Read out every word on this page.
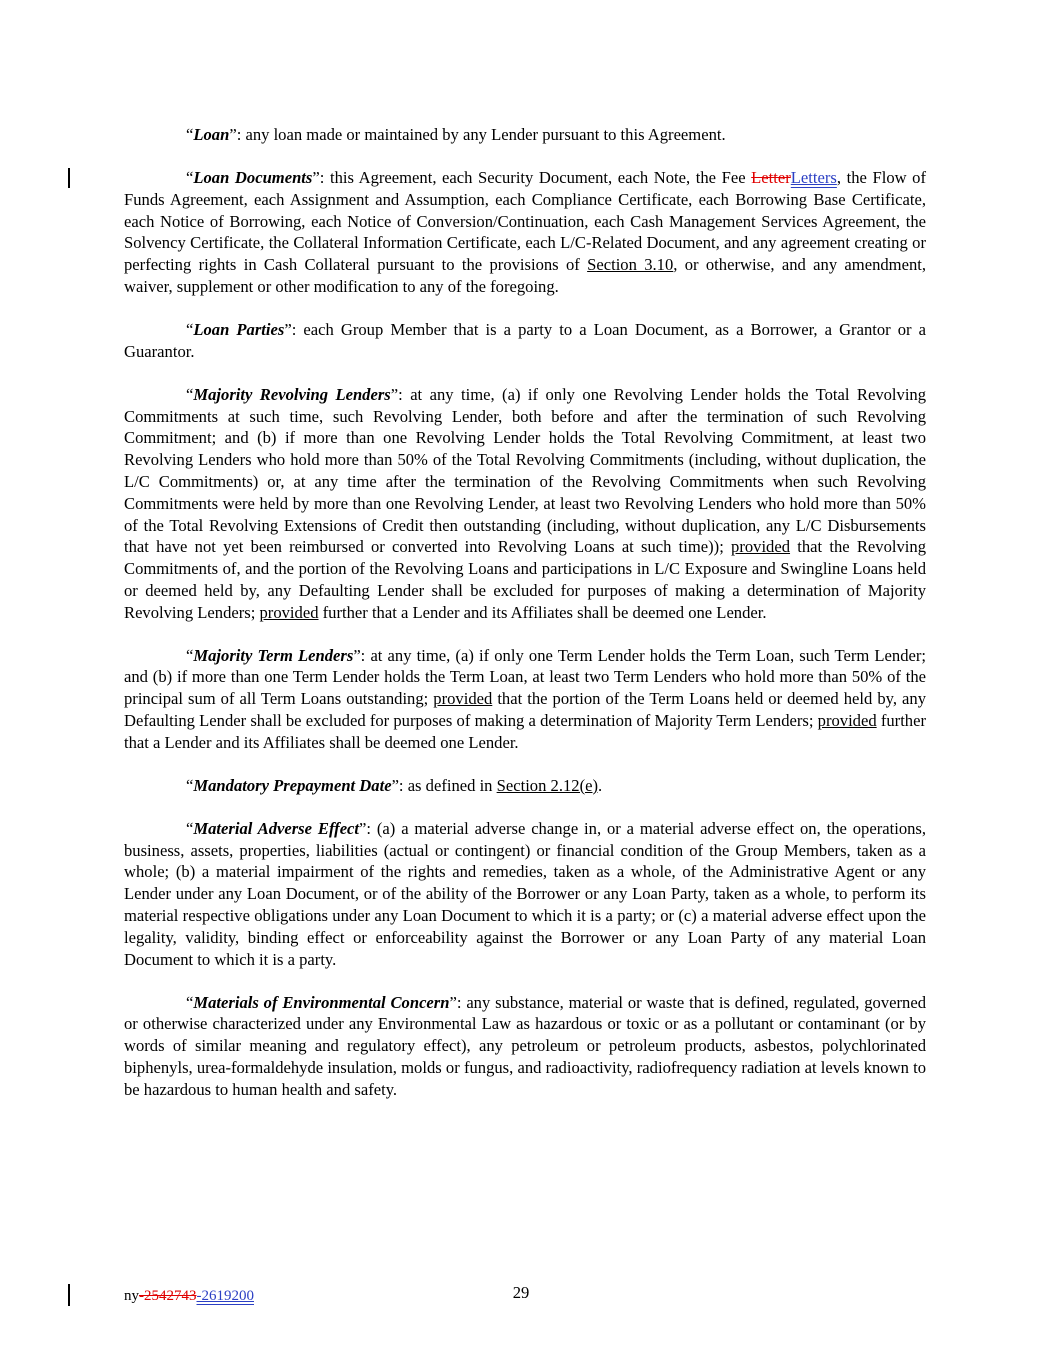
“Loan”: any loan made or maintained by any Lender pursuant to this Agreement.

“Loan Documents”: this Agreement, each Security Document, each Note, the Fee LetterLetters, the Flow of Funds Agreement, each Assignment and Assumption, each Compliance Certificate, each Borrowing Base Certificate, each Notice of Borrowing, each Notice of Conversion/Continuation, each Cash Management Services Agreement, the Solvency Certificate, the Collateral Information Certificate, each L/C-Related Document, and any agreement creating or perfecting rights in Cash Collateral pursuant to the provisions of Section 3.10, or otherwise, and any amendment, waiver, supplement or other modification to any of the foregoing.

“Loan Parties”: each Group Member that is a party to a Loan Document, as a Borrower, a Grantor or a Guarantor.

“Majority Revolving Lenders”: at any time, (a) if only one Revolving Lender holds the Total Revolving Commitments at such time, such Revolving Lender, both before and after the termination of such Revolving Commitment; and (b) if more than one Revolving Lender holds the Total Revolving Commitment, at least two Revolving Lenders who hold more than 50% of the Total Revolving Commitments (including, without duplication, the L/C Commitments) or, at any time after the termination of the Revolving Commitments when such Revolving Commitments were held by more than one Revolving Lender, at least two Revolving Lenders who hold more than 50% of the Total Revolving Extensions of Credit then outstanding (including, without duplication, any L/C Disbursements that have not yet been reimbursed or converted into Revolving Loans at such time)); provided that the Revolving Commitments of, and the portion of the Revolving Loans and participations in L/C Exposure and Swingline Loans held or deemed held by, any Defaulting Lender shall be excluded for purposes of making a determination of Majority Revolving Lenders; provided further that a Lender and its Affiliates shall be deemed one Lender.

“Majority Term Lenders”: at any time, (a) if only one Term Lender holds the Term Loan, such Term Lender; and (b) if more than one Term Lender holds the Term Loan, at least two Term Lenders who hold more than 50% of the principal sum of all Term Loans outstanding; provided that the portion of the Term Loans held or deemed held by, any Defaulting Lender shall be excluded for purposes of making a determination of Majority Term Lenders; provided further that a Lender and its Affiliates shall be deemed one Lender.

“Mandatory Prepayment Date”: as defined in Section 2.12(e).

“Material Adverse Effect”: (a) a material adverse change in, or a material adverse effect on, the operations, business, assets, properties, liabilities (actual or contingent) or financial condition of the Group Members, taken as a whole; (b) a material impairment of the rights and remedies, taken as a whole, of the Administrative Agent or any Lender under any Loan Document, or of the ability of the Borrower or any Loan Party, taken as a whole, to perform its material respective obligations under any Loan Document to which it is a party; or (c) a material adverse effect upon the legality, validity, binding effect or enforceability against the Borrower or any Loan Party of any material Loan Document to which it is a party.

“Materials of Environmental Concern”: any substance, material or waste that is defined, regulated, governed or otherwise characterized under any Environmental Law as hazardous or toxic or as a pollutant or contaminant (or by words of similar meaning and regulatory effect), any petroleum or petroleum products, asbestos, polychlorinated biphenyls, urea-formaldehyde insulation, molds or fungus, and radioactivity, radiofrequency radiation at levels known to be hazardous to human health and safety.

ny-2542743-2619200	29
